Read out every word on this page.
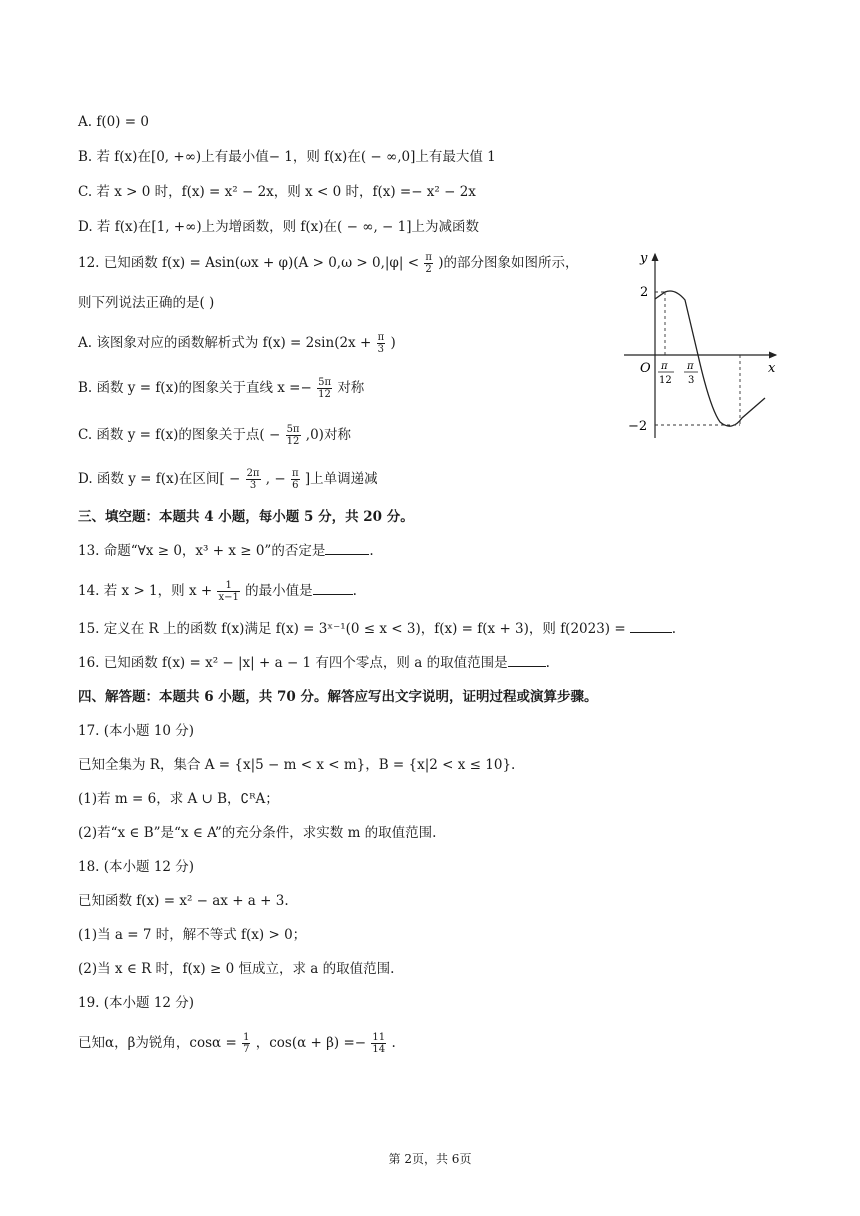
A. f(0) = 0
B. 若 f(x)在[0, +∞)上有最小值− 1，则 f(x)在( − ∞,0]上有最大值 1
C. 若 x > 0 时，f(x) = x² − 2x，则 x < 0 时，f(x) =− x² − 2x
D. 若 f(x)在[1, +∞)上为增函数，则 f(x)在( − ∞, − 1]上为减函数
12. 已知函数 $f(x) = Asin(\omega x + \varphi)(A > 0,\omega > 0,|\varphi| < \frac{\pi}{2}$ )的部分图象如图所示，
则下列说法正确的是( )
A. 该图象对应的函数解析式为 $f(x) = 2\sin(2x + \frac{\pi}{3}$ )
B. 函数 y = f(x)的图象关于直线 $x =- \frac{5\pi}{12}$ 对称
C. 函数 y = f(x)的图象关于点( − $\frac{5\pi}{12} ,0$)对称
D. 函数 y = f(x)在区间[ − $\frac{2\pi}{3}$ , − $\frac{\pi}{6}$ ]上单调递减
y
x
O
2
−2
π
12
π
3
三、填空题：本题共 4 小题，每小题 5 分，共 20 分。
13. 命题“∀x ≥ 0，x³ + x ≥ 0”的否定是	.
14. 若 x > 1，则 $x + \frac{1}{x-1}$ 的最小值是	.
15. 定义在 R 上的函数 f(x)满足 f(x) = 3ˣ⁻¹(0 ≤ x < 3)，f(x) = f(x + 3)，则 f(2023) =	.
16. 已知函数 f(x) = x² − |x| + a − 1 有四个零点，则 a 的取值范围是	.
四、解答题：本题共 6 小题，共 70 分。解答应写出文字说明，证明过程或演算步骤。
17. (本小题 10 分)
已知全集为 R，集合 A = {x|5 − m < x < m}，B = {x|2 < x ≤ 10}.
(1)若 m = 6，求 A ∪ B，∁ᴿA；
(2)若“x ∈ B”是“x ∈ A”的充分条件，求实数 m 的取值范围.
18. (本小题 12 分)
已知函数 f(x) = x² − ax + a + 3.
(1)当 a = 7 时，解不等式 f(x) > 0；
(2)当 x ∈ R 时，f(x) ≥ 0 恒成立，求 a 的取值范围.
19. (本小题 12 分)
已知α，β为锐角，$\cos\alpha = \frac{1}{7}$ ，$\cos(\alpha + \beta) =- \frac{11}{14}$ .
第 2页，共 6页
